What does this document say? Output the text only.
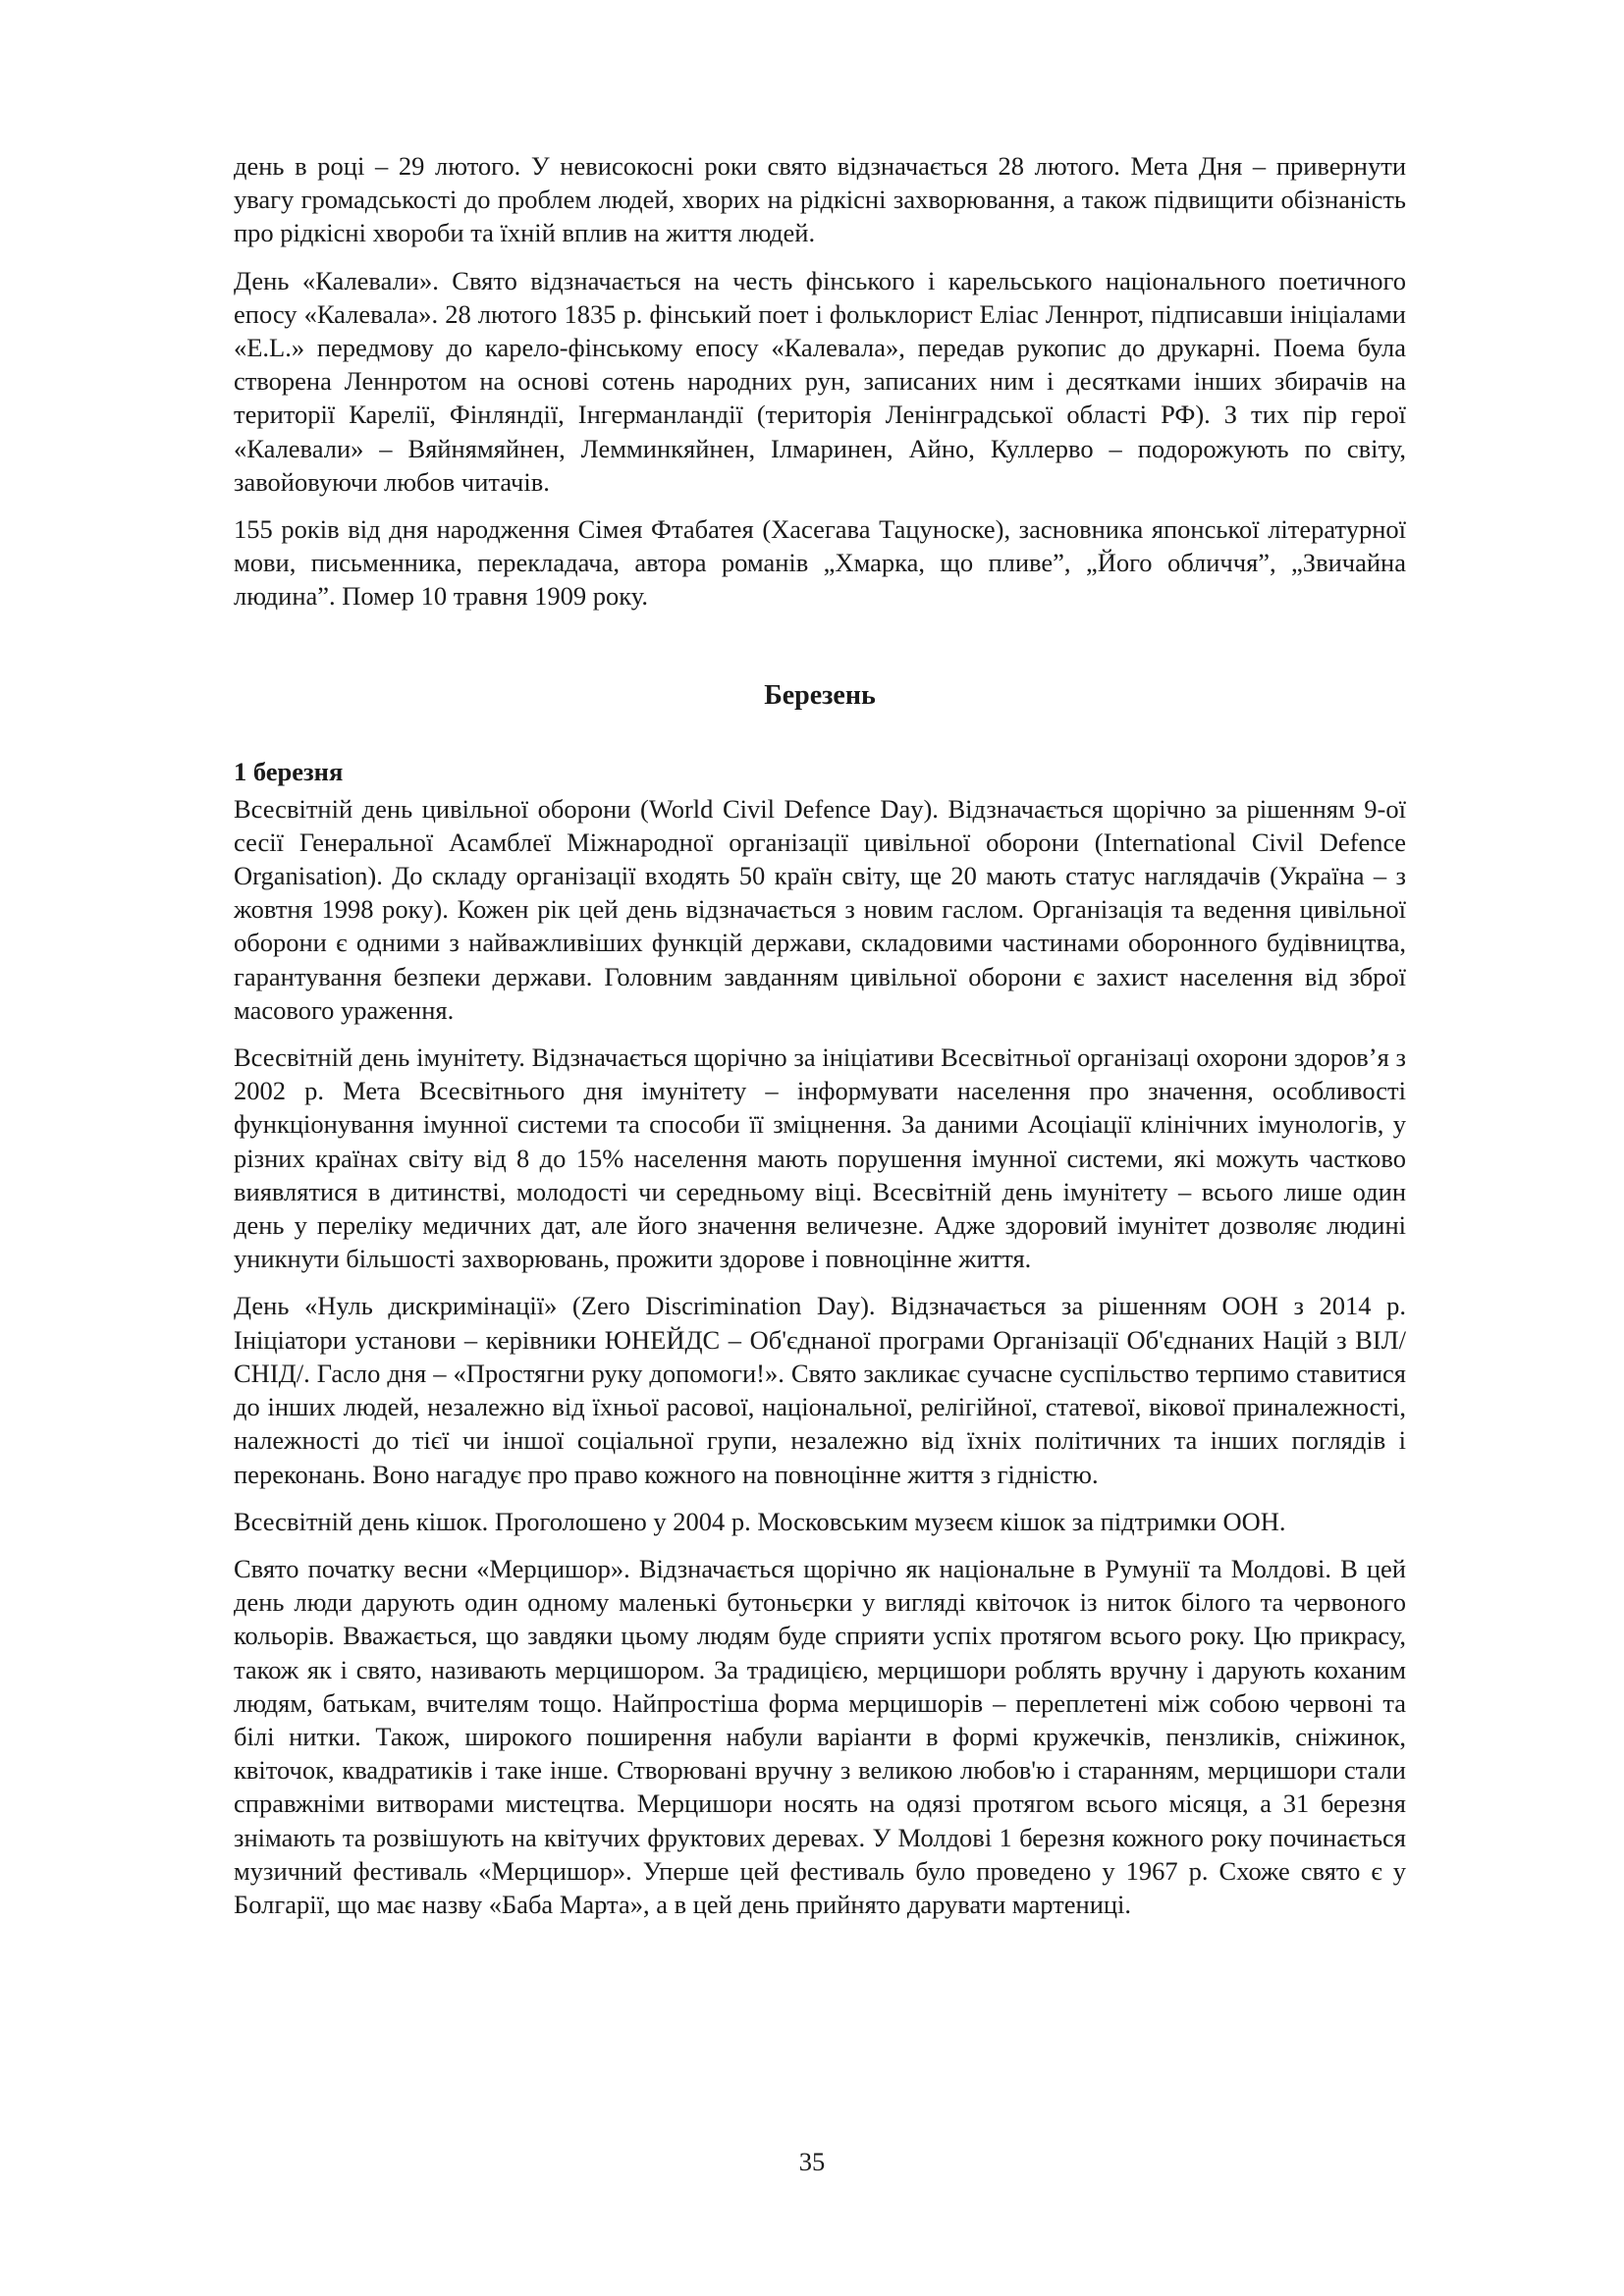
день в році – 29 лютого. У невисокосні роки свято відзначається 28 лютого. Мета Дня – привернути увагу громадськості до проблем людей, хворих на рідкісні захворювання, а також підвищити обізнаність про рідкісні хвороби та їхній вплив на життя людей.

День «Калевали». Свято відзначається на честь фінського і карельського національного поетичного епосу «Калевала». 28 лютого 1835 р. фінський поет і фольклорист Еліас Леннрот, підписавши ініціалами «E.L.» передмову до карело-фінському епосу «Калевала», передав рукопис до друкарні. Поема була створена Леннротом на основі сотень народних рун, записаних ним і десятками інших збирачів на території Карелії, Фінляндії, Інгерманландії (територія Ленінградської області РФ). З тих пір герої «Калевали» – Вяйнямяйнен, Лемминкяйнен, Ілмаринен, Айно, Куллерво – подорожують по світу, завойовуючи любов читачів.

155 років від дня народження Сімея Фтабатея (Хасегава Тацуноске), засновника японської літературної мови, письменника, перекладача, автора романів „Хмарка, що пливе”, „Його обличчя”, „Звичайна людина”. Помер 10 травня 1909 року.

Березень
1 березня

Всесвітній день цивільної оборони (World Civil Defence Day). Відзначається щорічно за рішенням 9-ої сесії Генеральної Асамблеї Міжнародної організації цивільної оборони (International Civil Defence Organisation). До складу організації входять 50 країн світу, ще 20 мають статус наглядачів (Україна – з жовтня 1998 року). Кожен рік цей день відзначається з новим гаслом. Організація та ведення цивільної оборони є одними з найважливіших функцій держави, складовими частинами оборонного будівництва, гарантування безпеки держави. Головним завданням цивільної оборони є захист населення від зброї масового ураження.

Всесвітній день імунітету. Відзначається щорічно за ініціативи Всесвітньої організаці охорони здоров’я з 2002 р. Мета Всесвітнього дня імунітету – інформувати населення про значення, особливості функціонування імунної системи та способи її зміцнення. За даними Асоціації клінічних імунологів, у різних країнах світу від 8 до 15% населення мають порушення імунної системи, які можуть частково виявлятися в дитинстві, молодості чи середньому віці. Всесвітній день імунітету – всього лише один день у переліку медичних дат, але його значення величезне. Адже здоровий імунітет дозволяє людині уникнути більшості захворювань, прожити здорове і повноцінне життя.

День «Нуль дискримінації» (Zero Discrimination Day). Відзначається за рішенням ООН з 2014 р. Ініціатори установи – керівники ЮНЕЙДС – Об'єднаної програми Організації Об'єднаних Націй з ВІЛ/СНІД/. Гасло дня – «Простягни руку допомоги!». Свято закликає сучасне суспільство терпимо ставитися до інших людей, незалежно від їхньої расової, національної, релігійної, статевої, вікової приналежності, належності до тієї чи іншої соціальної групи, незалежно від їхніх політичних та інших поглядів і переконань. Воно нагадує про право кожного на повноцінне життя з гідністю.

Всесвітній день кішок. Проголошено у 2004 р. Московським музеєм кішок за підтримки ООН.

Свято початку весни «Мерцишор». Відзначається щорічно як національне в Румунії та Молдові. В цей день люди дарують один одному маленькі бутоньєрки у вигляді квіточок із ниток білого та червоного кольорів. Вважається, що завдяки цьому людям буде сприяти успіх протягом всього року. Цю прикрасу, також як і свято, називають мерцишором. За традицією, мерцишори роблять вручну і дарують коханим людям, батькам, вчителям тощо. Найпростіша форма мерцишорів – переплетені між собою червоні та білі нитки. Також, широкого поширення набули варіанти в формі кружечків, пензликів, сніжинок, квіточок, квадратиків і таке інше. Створювані вручну з великою любов'ю і старанням, мерцишори стали справжніми витворами мистецтва. Мерцишори носять на одязі протягом всього місяця, а 31 березня знімають та розвішують на квітучих фруктових деревах. У Молдові 1 березня кожного року починається музичний фестиваль «Мерцишор». Уперше цей фестиваль було проведено у 1967 р. Схоже свято є у Болгарії, що має назву «Баба Марта», а в цей день прийнято дарувати мартениці.

35
